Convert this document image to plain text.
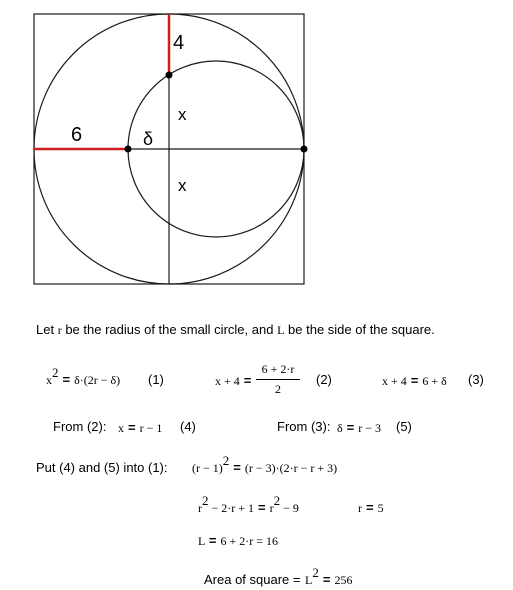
4
6	δ
x
x
Let r be the radius of the small circle, and L be the side of the square.
x2 = δ·(2r − δ) (1)	$x + 4 = \frac{6 + 2\cdot r}{2} (2)$	x + 4 = 6 + δ (3)
From (2): x = r − 1 (4)	From (3): δ = r − 3 (5)
Put (4) and (5) into (1): (r − 1)2 = (r − 3)·(2·r − r + 3)
r2 − 2·r + 1 = r2 − 9	r = 5
L = 6 + 2·r = 16
Area of square = L2 = 256
